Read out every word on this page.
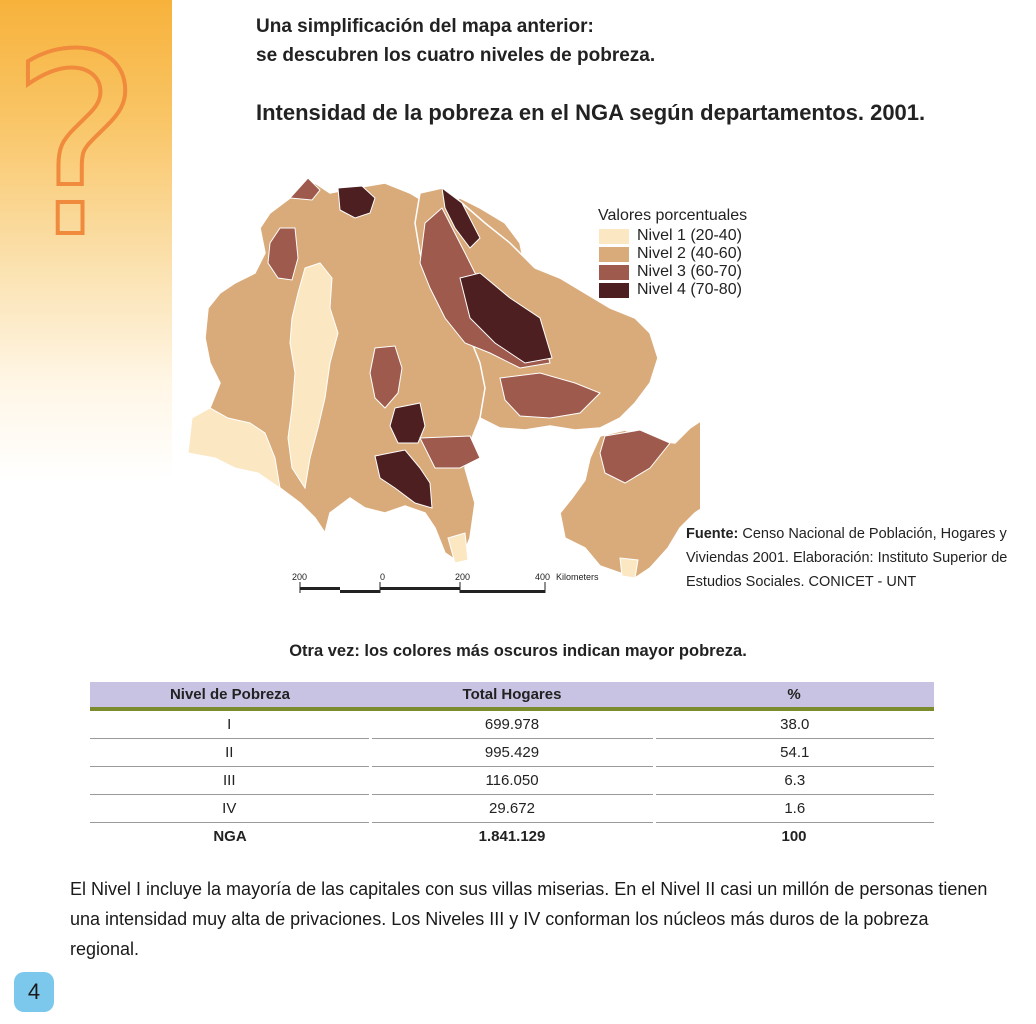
?	Una simplificación del mapa anterior:
se descubren los cuatro niveles de pobreza.
Intensidad de la pobreza en el NGA según departamentos. 2001.
Valores porcentuales
Nivel 1 (20-40)
Nivel 2 (40-60)
Nivel 3 (60-70)
Nivel 4 (70-80)
200	0	200	400 Kilometers
Fuente: Censo Nacional de Población, Hogares y Viviendas 2001. Elaboración: Instituto Superior de Estudios Sociales. CONICET - UNT
Otra vez: los colores más oscuros indican mayor pobreza.
Nivel de Pobreza	Total Hogares	%
I	699.978	38.0
II	995.429	54.1
III	116.050	6.3
IV	29.672	1.6
NGA	1.841.129	100
El Nivel I incluye la mayoría de las capitales con sus villas miserias. En el Nivel II casi un millón de personas tienen una intensidad muy alta de privaciones. Los Niveles III y IV conforman los núcleos más duros de la pobreza regional.
4
